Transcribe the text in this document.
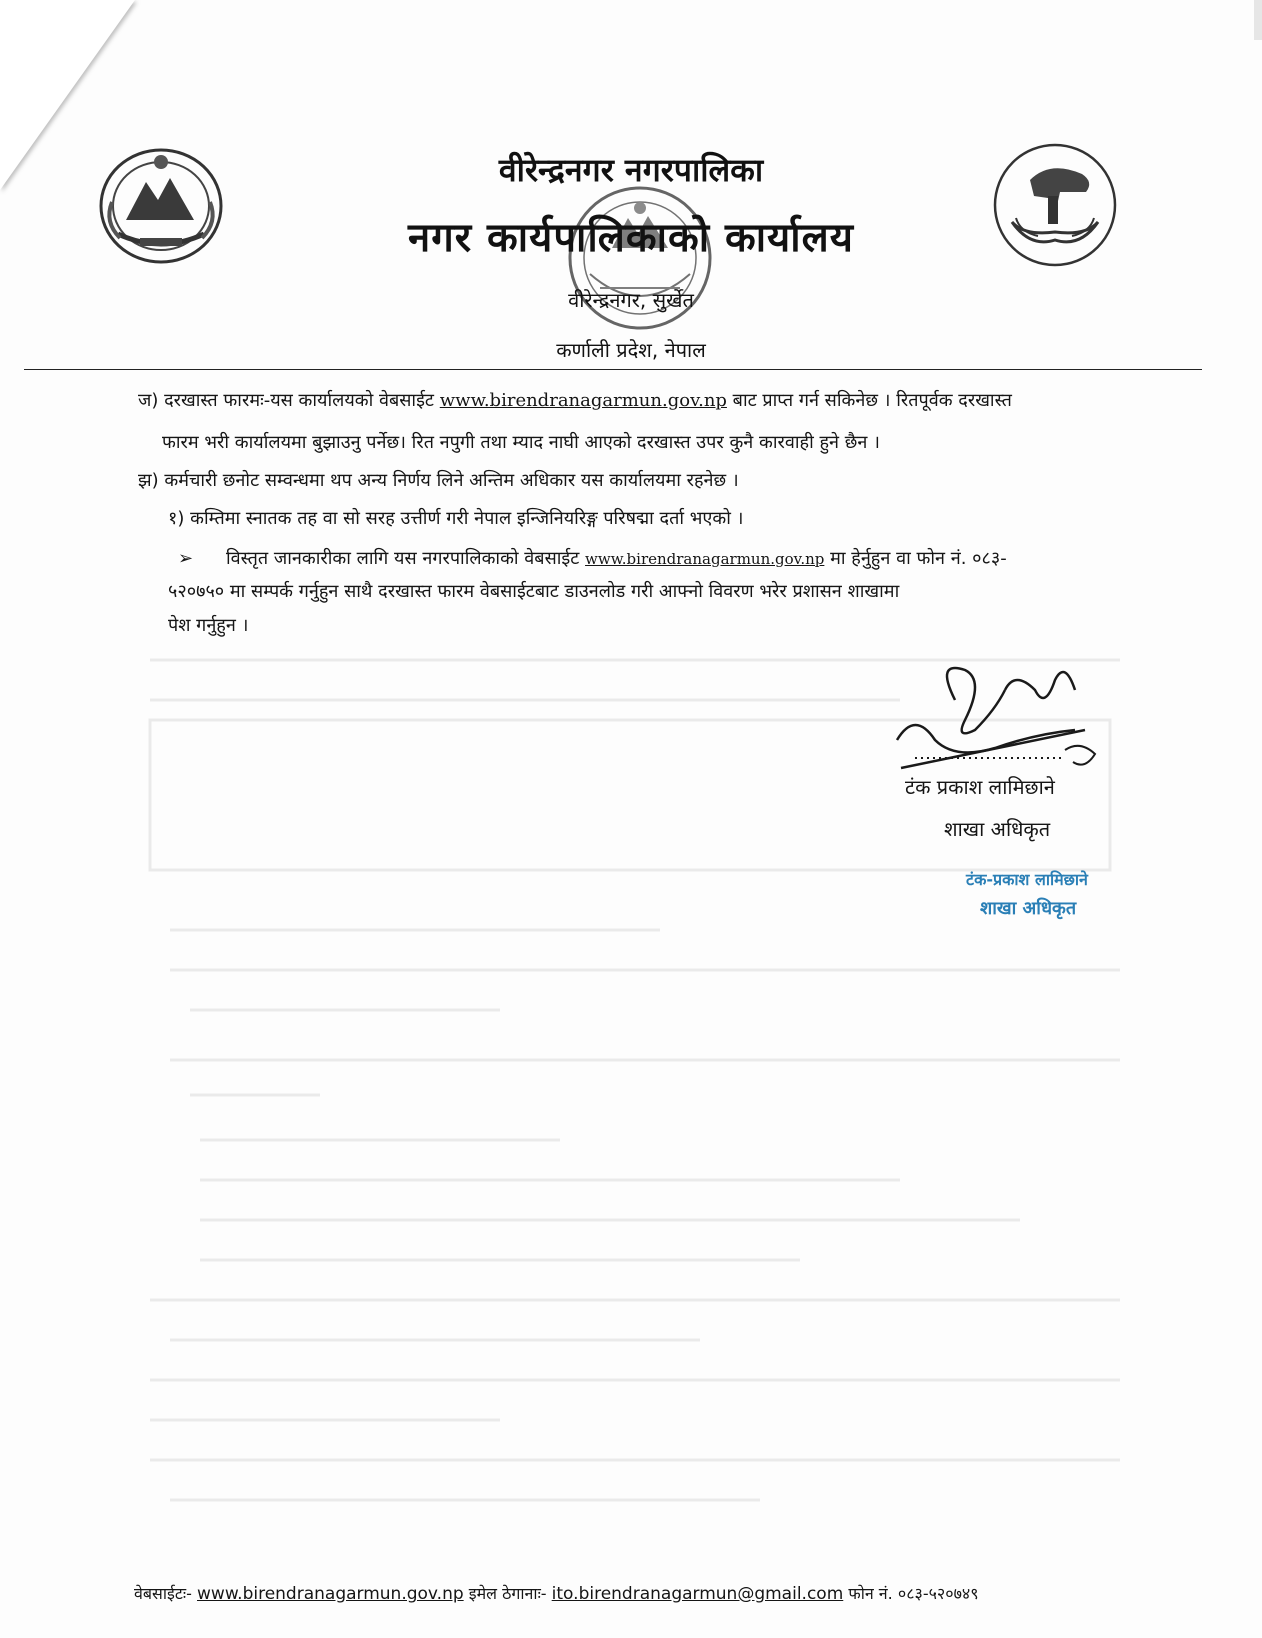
वीरेन्द्रनगर नगरपालिका
नगर कार्यपालिकाको कार्यालय
वीरेन्द्रनगर, सुर्खेत
कर्णाली प्रदेश, नेपाल
ज) दरखास्त फारमः-यस कार्यालयको वेबसाईट www.birendranagarmun.gov.np बाट प्राप्त गर्न सकिनेछ । रितपूर्वक दरखास्त
फारम भरी कार्यालयमा बुझाउनु पर्नेछ। रित नपुगी तथा म्याद नाघी आएको दरखास्त उपर कुनै कारवाही हुने छैन ।
झ) कर्मचारी छनोट सम्वन्धमा थप अन्य निर्णय लिने अन्तिम अधिकार यस कार्यालयमा रहनेछ ।
१) कम्तिमा स्नातक तह वा सो सरह उत्तीर्ण गरी नेपाल इन्जिनियरिङ्ग परिषद्मा दर्ता भएको ।
➢ विस्तृत जानकारीका लागि यस नगरपालिकाको वेबसाईट www.birendranagarmun.gov.np मा हेर्नुहुन वा फोन नं. ०८३-
५२०७५० मा सम्पर्क गर्नुहुन साथै दरखास्त फारम वेबसाईटबाट डाउनलोड गरी आफ्नो विवरण भरेर प्रशासन शाखामा
पेश गर्नुहुन ।
टंक प्रकाश लामिछाने
शाखा अधिकृत
टंक-प्रकाश लामिछाने
शाखा अधिकृत
वेबसाईटः- www.birendranagarmun.gov.np इमेल ठेगानाः- ito.birendranagarmun@gmail.com फोन नं. ०८३-५२०७४९
